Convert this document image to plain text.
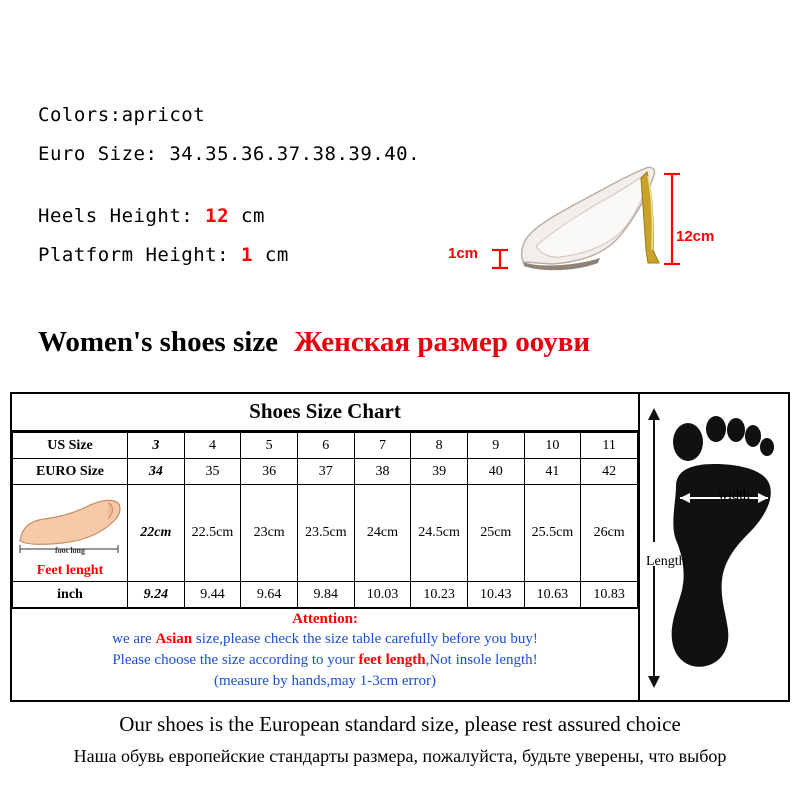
Colors:apricot
Euro Size: 34.35.36.37.38.39.40.
Heels Height: 12 cm
Platform Height: 1 cm	1cm
12cm
Women's shoes size Женская размер ооуви
Shoes Size Chart
US Size	3	4	5	6	7	8	9	10	11
EURO Size	34	35	36	37	38	39	40	41	42

foot long
Feet lenght	22cm	22.5cm	23cm	23.5cm	24cm	24.5cm	25cm	25.5cm	26cm
inch	9.24	9.44	9.64	9.84	10.03	10.23	10.43	10.63	10.83
Attention:
we are Asian size,please check the size table carefully before you buy!
Please choose the size according to your feet length,Not insole length!
(measure by hands,may 1-3cm error)
width
Length
Our shoes is the European standard size, please rest assured choice
Наша обувь европейские стандарты размера, пожалуйста, будьте уверены, что выбор
